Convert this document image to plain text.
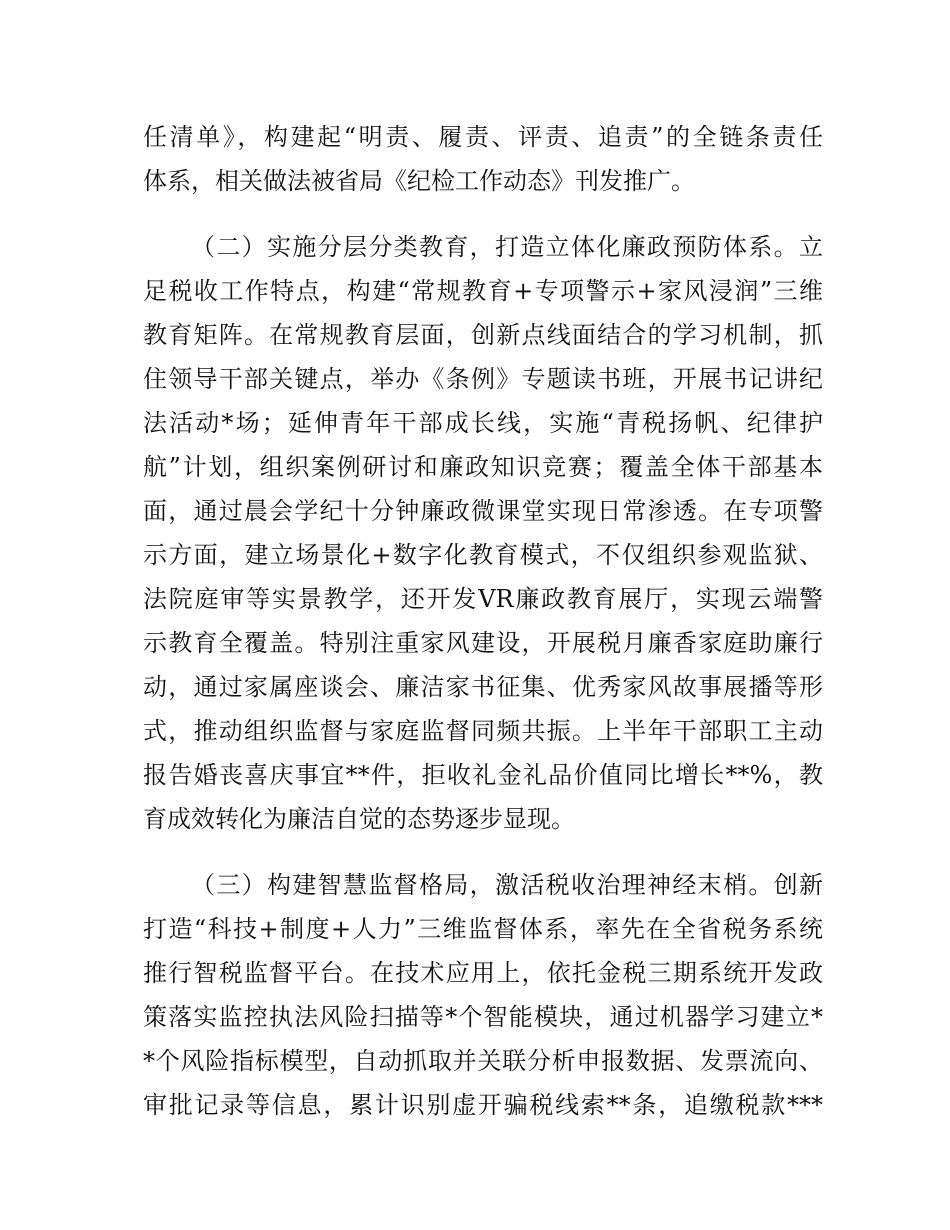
任清单》，构建起“明责、履责、评责、追责”的全链条责任
体系，相关做法被省局《纪检工作动态》刊发推广。
（二）实施分层分类教育，打造立体化廉政预防体系。立
足税收工作特点，构建“常规教育+专项警示+家风浸润”三维
教育矩阵。在常规教育层面，创新点线面结合的学习机制，抓
住领导干部关键点，举办《条例》专题读书班，开展书记讲纪
法活动*场；延伸青年干部成长线，实施“青税扬帆、纪律护
航”计划，组织案例研讨和廉政知识竞赛；覆盖全体干部基本
面，通过晨会学纪十分钟廉政微课堂实现日常渗透。在专项警
示方面，建立场景化+数字化教育模式，不仅组织参观监狱、
法院庭审等实景教学，还开发VR廉政教育展厅，实现云端警
示教育全覆盖。特别注重家风建设，开展税月廉香家庭助廉行
动，通过家属座谈会、廉洁家书征集、优秀家风故事展播等形
式，推动组织监督与家庭监督同频共振。上半年干部职工主动
报告婚丧喜庆事宜**件，拒收礼金礼品价值同比增长**%，教
育成效转化为廉洁自觉的态势逐步显现。
（三）构建智慧监督格局，激活税收治理神经末梢。创新
打造“科技+制度+人力”三维监督体系，率先在全省税务系统
推行智税监督平台。在技术应用上，依托金税三期系统开发政
策落实监控执法风险扫描等*个智能模块，通过机器学习建立*
*个风险指标模型，自动抓取并关联分析申报数据、发票流向、
审批记录等信息，累计识别虚开骗税线索**条，追缴税款***
